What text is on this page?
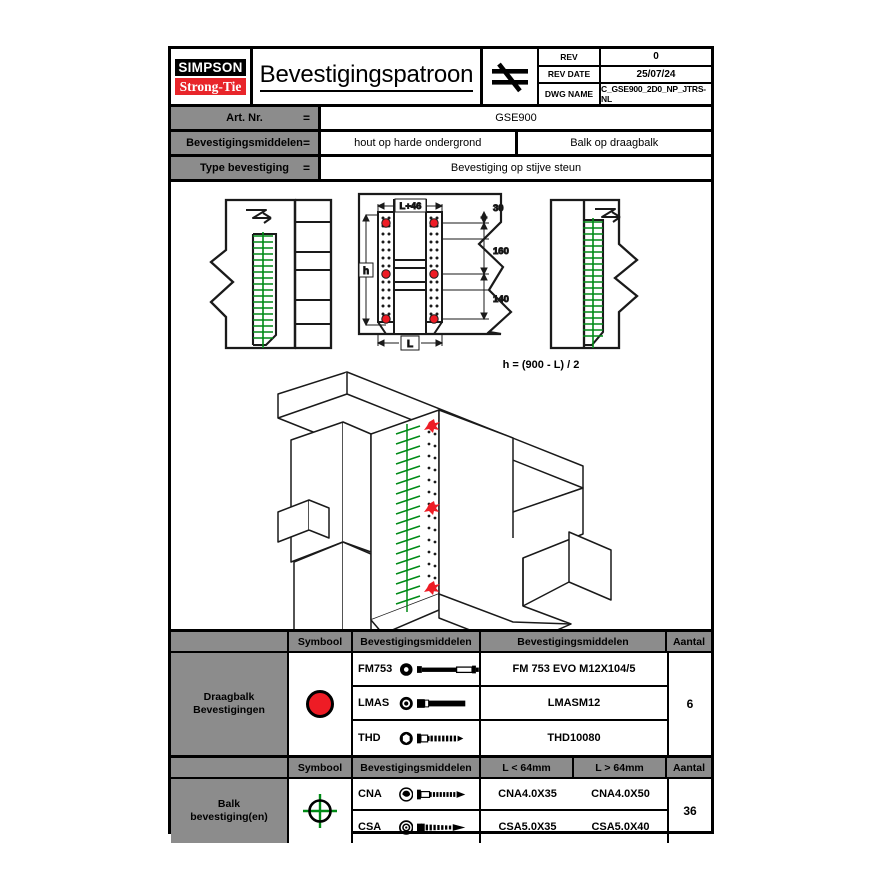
SIMPSON
Strong-Tie Bevestigingspatroon
REV	0
REV DATE	25/07/24
DWG NAME C_GSE900_2D0_NP_JTRS-NL
Art. Nr.	=	GSE900
Bevestigingsmiddelen =	hout op harde ondergrond	Balk op draagbalk
Type bevestiging =	Bevestiging op stijve steun
L+46	30
160
140
h
L
h = (900 - L) / 2
Symbool	Bevestigingsmiddelen	Bevestigingsmiddelen	Aantal
Draagbalk
Bevestigingen
FM753	FM 753 EVO M12X104/5
LMAS	LMASM12
THD	THD10080
6
Symbool	Bevestigingsmiddelen	L < 64mm	L > 64mm	Aantal
Balk
bevestiging(en)
CNA	CNA4.0X35	CNA4.0X50
CSA	CSA5.0X35	CSA5.0X40
36
